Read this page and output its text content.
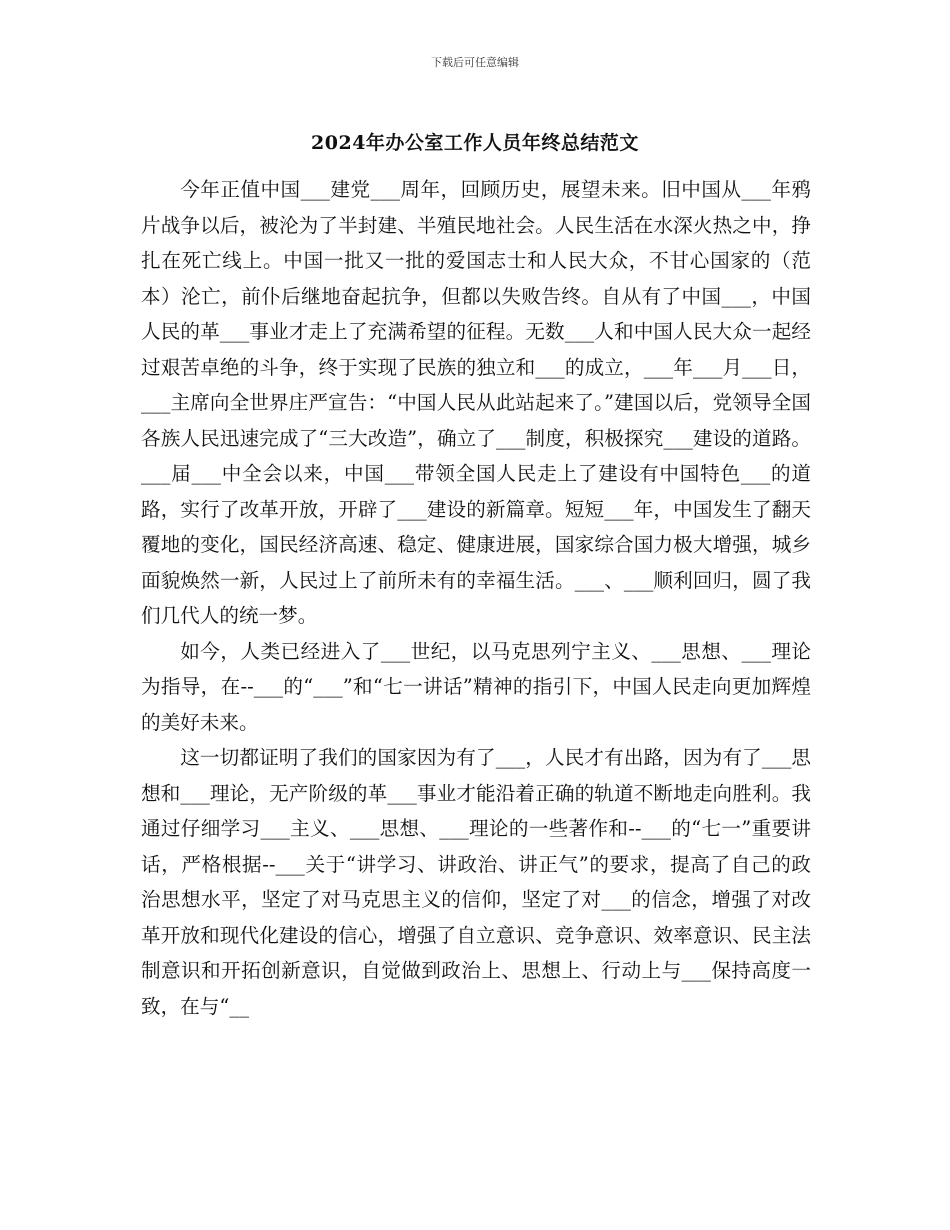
下载后可任意编辑
2024年办公室工作人员年终总结范文

今年正值中国___建党___周年，回顾历史，展望未来。旧中国从___年鸦片战争以后，被沦为了半封建、半殖民地社会。人民生活在水深火热之中，挣扎在死亡线上。中国一批又一批的爱国志士和人民大众，不甘心国家的（范本）沦亡，前仆后继地奋起抗争，但都以失败告终。自从有了中国___，中国人民的革___事业才走上了充满希望的征程。无数___人和中国人民大众一起经过艰苦卓绝的斗争，终于实现了民族的独立和___的成立，___年___月___日，___主席向全世界庄严宣告：“中国人民从此站起来了。”建国以后，党领导全国各族人民迅速完成了“三大改造”，确立了___制度，积极探究___建设的道路。___届___中全会以来，中国___带领全国人民走上了建设有中国特色___的道路，实行了改革开放，开辟了___建设的新篇章。短短___年，中国发生了翻天覆地的变化，国民经济高速、稳定、健康进展，国家综合国力极大增强，城乡面貌焕然一新，人民过上了前所未有的幸福生活。___、___顺利回归，圆了我们几代人的统一梦。

如今，人类已经进入了___世纪，以马克思列宁主义、___思想、___理论为指导，在--___的“___”和“七一讲话”精神的指引下，中国人民走向更加辉煌的美好未来。

这一切都证明了我们的国家因为有了___，人民才有出路，因为有了___思想和___理论，无产阶级的革___事业才能沿着正确的轨道不断地走向胜利。我通过仔细学习___主义、___思想、___理论的一些著作和--___的“七一”重要讲话，严格根据--___关于“讲学习、讲政治、讲正气”的要求，提高了自己的政治思想水平，坚定了对马克思主义的信仰，坚定了对___的信念，增强了对改革开放和现代化建设的信心，增强了自立意识、竞争意识、效率意识、民主法制意识和开拓创新意识，自觉做到政治上、思想上、行动上与___保持高度一致，在与“__
